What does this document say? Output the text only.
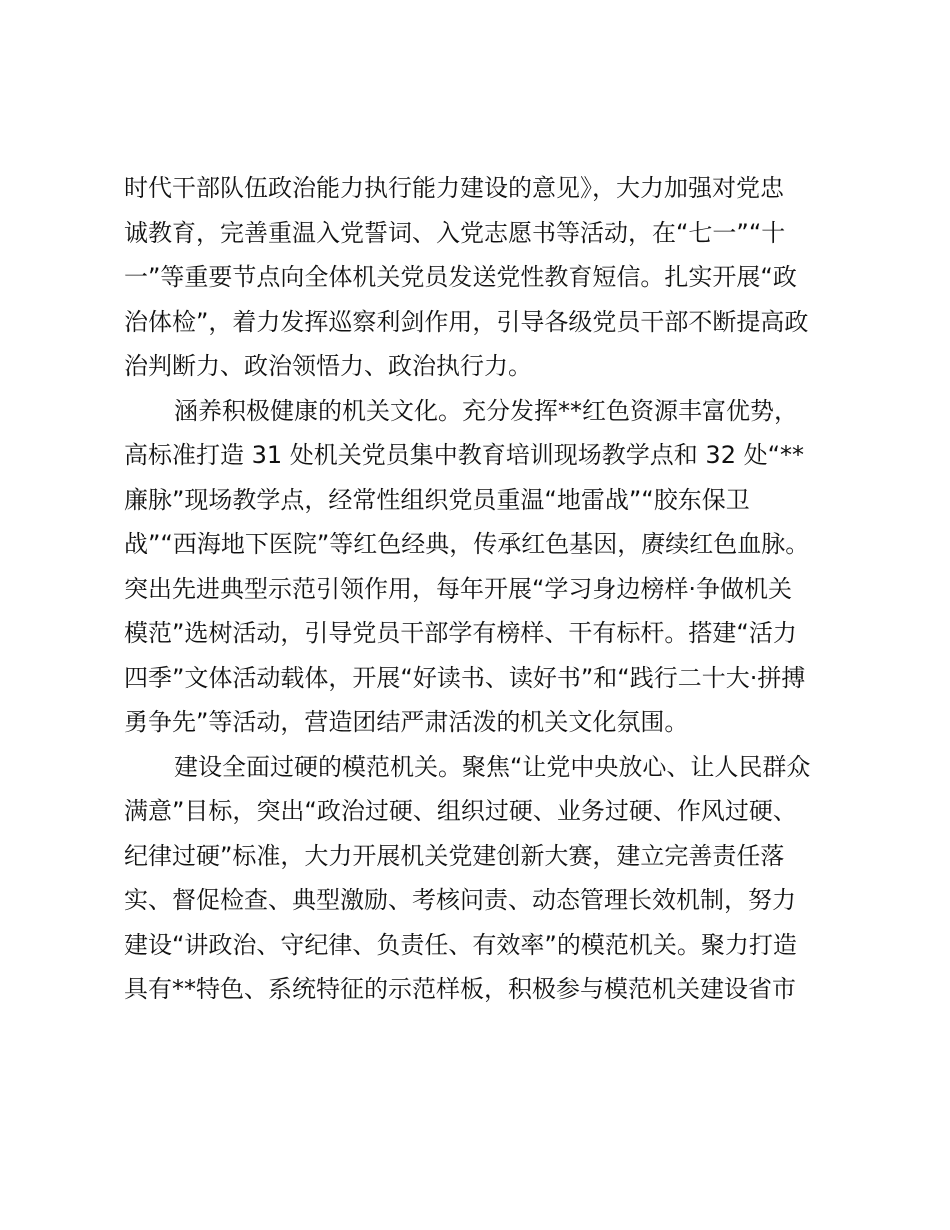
时代干部队伍政治能力执行能力建设的意见》，大力加强对党忠
诚教育，完善重温入党誓词、入党志愿书等活动，在“七一”“十
一”等重要节点向全体机关党员发送党性教育短信。扎实开展“政
治体检”，着力发挥巡察利剑作用，引导各级党员干部不断提高政
治判断力、政治领悟力、政治执行力。
涵养积极健康的机关文化。充分发挥**红色资源丰富优势，
高标准打造 31 处机关党员集中教育培训现场教学点和 32 处“**
廉脉”现场教学点，经常性组织党员重温“地雷战”“胶东保卫
战”“西海地下医院”等红色经典，传承红色基因，赓续红色血脉。
突出先进典型示范引领作用，每年开展“学习身边榜样·争做机关
模范”选树活动，引导党员干部学有榜样、干有标杆。搭建“活力
四季”文体活动载体，开展“好读书、读好书”和“践行二十大·拼搏
勇争先”等活动，营造团结严肃活泼的机关文化氛围。
建设全面过硬的模范机关。聚焦“让党中央放心、让人民群众
满意”目标，突出“政治过硬、组织过硬、业务过硬、作风过硬、
纪律过硬”标准，大力开展机关党建创新大赛，建立完善责任落
实、督促检查、典型激励、考核问责、动态管理长效机制，努力
建设“讲政治、守纪律、负责任、有效率”的模范机关。聚力打造
具有**特色、系统特征的示范样板，积极参与模范机关建设省市
